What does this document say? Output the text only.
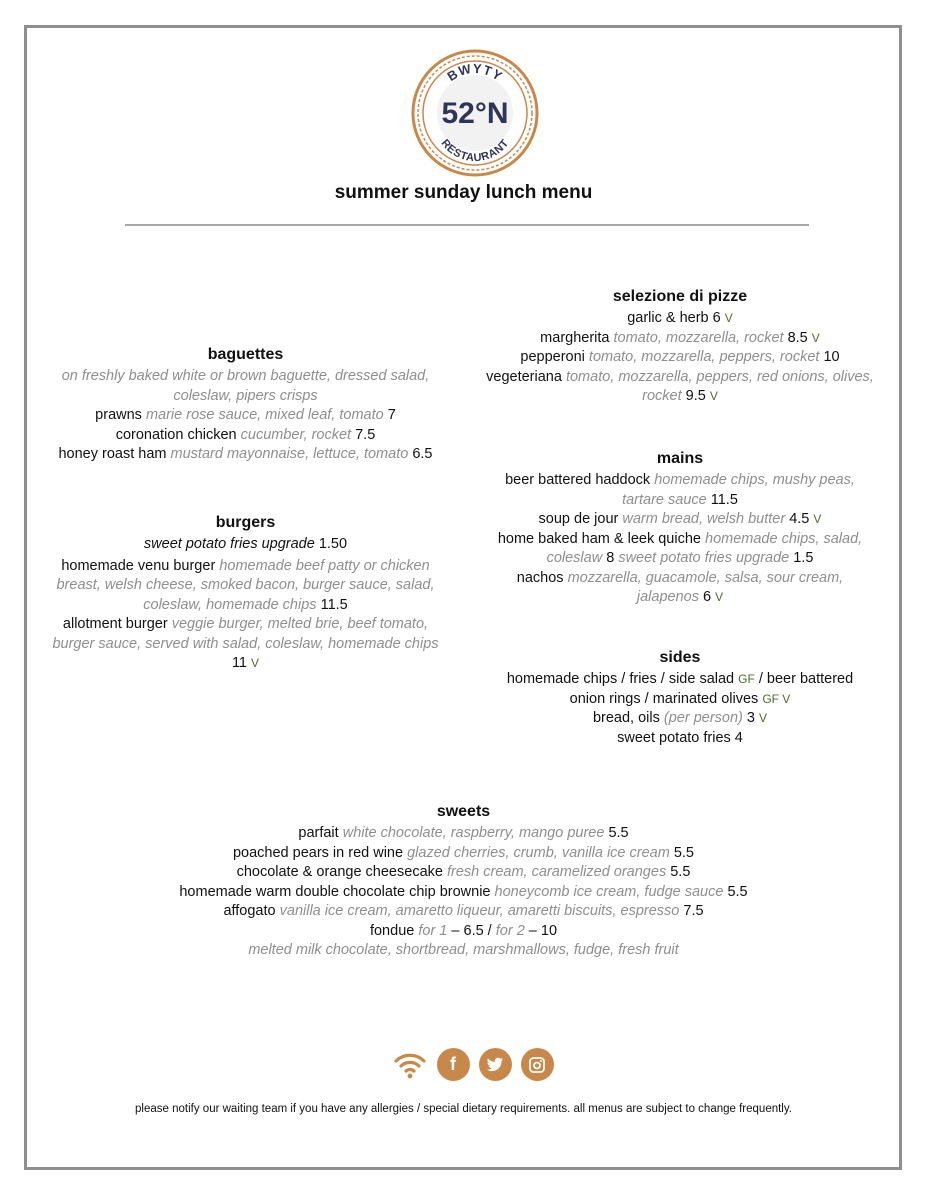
BWYTY
52°N
RESTAURANT
summer sunday lunch menu
baguettes
on freshly baked white or brown baguette, dressed salad, coleslaw, pipers crisps
prawns marie rose sauce, mixed leaf, tomato 7
coronation chicken cucumber, rocket 7.5
honey roast ham mustard mayonnaise, lettuce, tomato 6.5
burgers
sweet potato fries upgrade 1.50
homemade venu burger homemade beef patty or chicken breast, welsh cheese, smoked bacon, burger sauce, salad, coleslaw, homemade chips 11.5
allotment burger veggie burger, melted brie, beef tomato, burger sauce, served with salad, coleslaw, homemade chips 11 V
selezione di pizze
garlic & herb 6 V
margherita tomato, mozzarella, rocket 8.5 V
pepperoni tomato, mozzarella, peppers, rocket 10
vegeteriana tomato, mozzarella, peppers, red onions, olives, rocket 9.5 V
mains
beer battered haddock homemade chips, mushy peas, tartare sauce 11.5
soup de jour warm bread, welsh butter 4.5 V
home baked ham & leek quiche homemade chips, salad, coleslaw 8 sweet potato fries upgrade 1.5
nachos mozzarella, guacamole, salsa, sour cream, jalapenos 6 V
sides
homemade chips / fries / side salad GF / beer battered
onion rings / marinated olives GF V
bread, oils (per person) 3 V
sweet potato fries 4
sweets
parfait white chocolate, raspberry, mango puree 5.5
poached pears in red wine glazed cherries, crumb, vanilla ice cream 5.5
chocolate & orange cheesecake fresh cream, caramelized oranges 5.5
homemade warm double chocolate chip brownie honeycomb ice cream, fudge sauce 5.5
affogato vanilla ice cream, amaretto liqueur, amaretti biscuits, espresso 7.5
fondue for 1 – 6.5 / for 2 – 10
melted milk chocolate, shortbread, marshmallows, fudge, fresh fruit
f
please notify our waiting team if you have any allergies / special dietary requirements. all menus are subject to change frequently.
